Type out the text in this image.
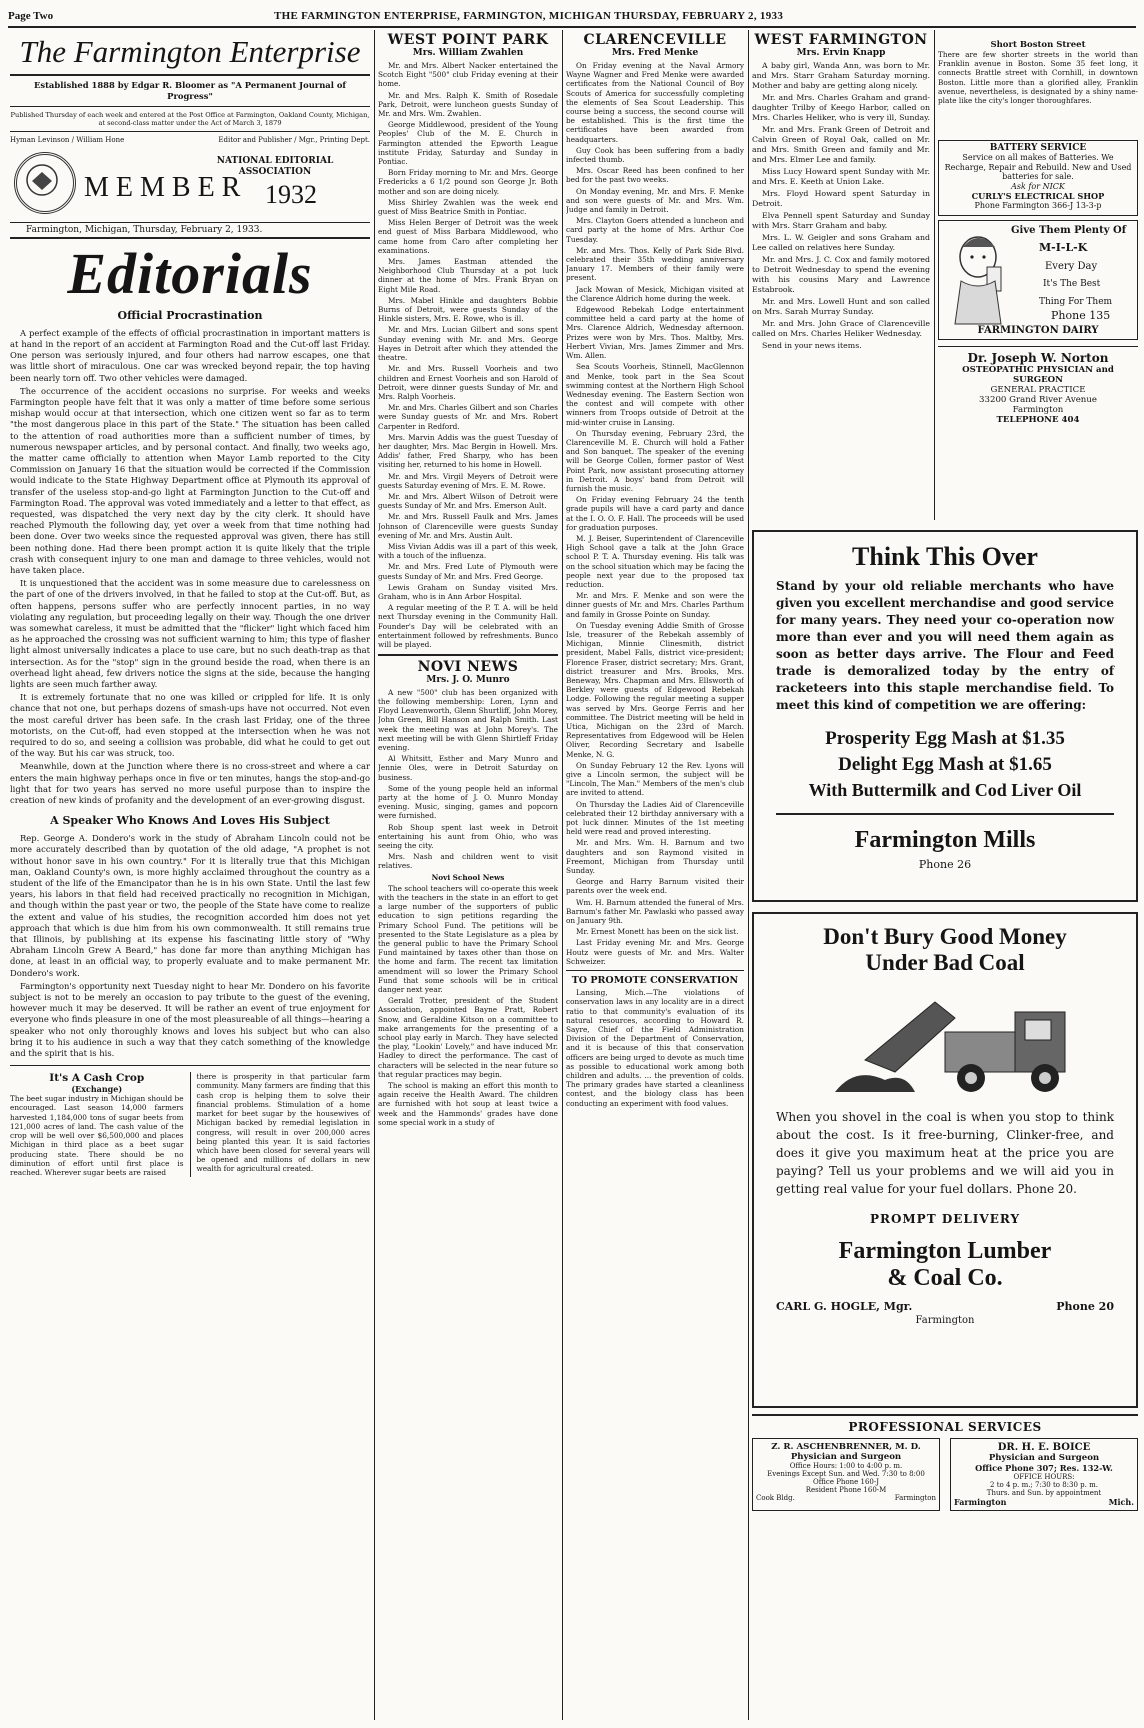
Page Two	THE FARMINGTON ENTERPRISE, FARMINGTON, MICHIGAN THURSDAY, FEBRUARY 2, 1933
The Farmington Enterprise
Established 1888 by Edgar R. Bloomer as "A Permanent Journal of Progress"
Published Thursday of each week and entered at the Post Office at Farmington, Oakland County, Michigan, at second-class matter under the Act of March 3, 1879
Hyman Levinson / William Hone	Editor and Publisher / Mgr., Printing Dept.
MEMBER
NATIONAL EDITORIAL ASSOCIATION
1932
Farmington, Michigan, Thursday, February 2, 1933.
Editorials
Official Procrastination

A perfect example of the effects of official procrastination in important matters is at hand in the report of an accident at Farmington Road and the Cut-off last Friday. One person was seriously injured, and four others had narrow escapes, one that was little short of miraculous. One car was wrecked beyond repair, the top having been nearly torn off. Two other vehicles were damaged.

The occurrence of the accident occasions no surprise. For weeks and weeks Farmington people have felt that it was only a matter of time before some serious mishap would occur at that intersection, which one citizen went so far as to term "the most dangerous place in this part of the State." The situation has been called to the attention of road authorities more than a sufficient number of times, by numerous newspaper articles, and by personal contact. And finally, two weeks ago, the matter came officially to attention when Mayor Lamb reported to the City Commission on January 16 that the situation would be corrected if the Commission would indicate to the State Highway Department office at Plymouth its approval of transfer of the useless stop-and-go light at Farmington Junction to the Cut-off and Farmington Road. The approval was voted immediately and a letter to that effect, as requested, was dispatched the very next day by the city clerk. It should have reached Plymouth the following day, yet over a week from that time nothing had been done. Over two weeks since the requested approval was given, there has still been nothing done. Had there been prompt action it is quite likely that the triple crash with consequent injury to one man and damage to three vehicles, would not have taken place.

It is unquestioned that the accident was in some measure due to carelessness on the part of one of the drivers involved, in that he failed to stop at the Cut-off. But, as often happens, persons suffer who are perfectly innocent parties, in no way violating any regulation, but proceeding legally on their way. Though the one driver was somewhat careless, it must be admitted that the "flicker" light which faced him as he approached the crossing was not sufficient warning to him; this type of flasher light almost universally indicates a place to use care, but no such death-trap as that intersection. As for the "stop" sign in the ground beside the road, when there is an overhead light ahead, few drivers notice the signs at the side, because the hanging lights are seen much farther away.

It is extremely fortunate that no one was killed or crippled for life. It is only chance that not one, but perhaps dozens of smash-ups have not occurred. Not even the most careful driver has been safe. In the crash last Friday, one of the three motorists, on the Cut-off, had even stopped at the intersection when he was not required to do so, and seeing a collision was probable, did what he could to get out of the way. But his car was struck, too.

Meanwhile, down at the Junction where there is no cross-street and where a car enters the main highway perhaps once in five or ten minutes, hangs the stop-and-go light that for two years has served no more useful purpose than to inspire the creation of new kinds of profanity and the development of an ever-growing disgust.

A Speaker Who Knows And Loves His Subject

Rep. George A. Dondero's work in the study of Abraham Lincoln could not be more accurately described than by quotation of the old adage, "A prophet is not without honor save in his own country." For it is literally true that this Michigan man, Oakland County's own, is more highly acclaimed throughout the country as a student of the life of the Emancipator than he is in his own State. Until the last few years, his labors in that field had received practically no recognition in Michigan, and though within the past year or two, the people of the State have come to realize the extent and value of his studies, the recognition accorded him does not yet approach that which is due him from his own commonwealth. It still remains true that Illinois, by publishing at its expense his fascinating little story of "Why Abraham Lincoln Grew A Beard," has done far more than anything Michigan has done, at least in an official way, to properly evaluate and to make permanent Mr. Dondero's work.

Farmington's opportunity next Tuesday night to hear Mr. Dondero on his favorite subject is not to be merely an occasion to pay tribute to the guest of the evening, however much it may be deserved. It will be rather an event of true enjoyment for everyone who finds pleasure in one of the most pleasureable of all things—hearing a speaker who not only thoroughly knows and loves his subject but who can also bring it to his audience in such a way that they catch something of the knowledge and the spirit that is his.

It's A Cash Crop
(Exchange)
The beet sugar industry in Michigan should be encouraged. Last season 14,000 farmers harvested 1,184,000 tons of sugar beets from 121,000 acres of land. The cash value of the crop will be well over $6,500,000 and places Michigan in third place as a beet sugar producing state. There should be no diminution of effort until first place is reached. Wherever sugar beets are raised
there is prosperity in that particular farm community. Many farmers are finding that this cash crop is helping them to solve their financial problems. Stimulation of a home market for beet sugar by the housewives of Michigan backed by remedial legislation in congress, will result in over 200,000 acres being planted this year. It is said factories which have been closed for several years will be opened and millions of dollars in new wealth for agricultural created.

WEST POINT PARK

Mrs. William Zwahlen

Mr. and Mrs. Albert Nacker entertained the Scotch Eight "500" club Friday evening at their home.

Mr. and Mrs. Ralph K. Smith of Rosedale Park, Detroit, were luncheon guests Sunday of Mr. and Mrs. Wm. Zwahlen.

George Middlewood, president of the Young Peoples' Club of the M. E. Church in Farmington attended the Epworth League institute Friday, Saturday and Sunday in Pontiac.

Born Friday morning to Mr. and Mrs. George Fredericks a 6 1/2 pound son George Jr. Both mother and son are doing nicely.

Miss Shirley Zwahlen was the week end guest of Miss Beatrice Smith in Pontiac.

Miss Helen Berger of Detroit was the week end guest of Miss Barbara Middlewood, who came home from Caro after completing her examinations.

Mrs. James Eastman attended the Neighborhood Club Thursday at a pot luck dinner at the home of Mrs. Frank Bryan on Eight Mile Road.

Mrs. Mabel Hinkle and daughters Bobbie Burns of Detroit, were guests Sunday of the Hinkle sisters, Mrs. E. Rowe, who is ill.

Mr. and Mrs. Lucian Gilbert and sons spent Sunday evening with Mr. and Mrs. George Hayes in Detroit after which they attended the theatre.

Mr. and Mrs. Russell Voorheis and two children and Ernest Voorheis and son Harold of Detroit, were dinner guests Sunday of Mr. and Mrs. Ralph Voorheis.

Mr. and Mrs. Charles Gilbert and son Charles were Sunday guests of Mr. and Mrs. Robert Carpenter in Redford.

Mrs. Marvin Addis was the guest Tuesday of her daughter, Mrs. Mac Bergin in Howell. Mrs. Addis' father, Fred Sharpy, who has been visiting her, returned to his home in Howell.

Mr. and Mrs. Virgil Meyers of Detroit were guests Saturday evening of Mrs. E. M. Rowe.

Mr. and Mrs. Albert Wilson of Detroit were guests Sunday of Mr. and Mrs. Emerson Ault.

Mr. and Mrs. Russell Faulk and Mrs. James Johnson of Clarenceville were guests Sunday evening of Mr. and Mrs. Austin Ault.

Miss Vivian Addis was ill a part of this week, with a touch of the influenza.

Mr. and Mrs. Fred Lute of Plymouth were guests Sunday of Mr. and Mrs. Fred George.

Lewis Graham on Sunday visited Mrs. Graham, who is in Ann Arbor Hospital.

A regular meeting of the P. T. A. will be held next Thursday evening in the Community Hall. Founder's Day will be celebrated with an entertainment followed by refreshments. Bunco will be played.

NOVI NEWS

Mrs. J. O. Munro

A new "500" club has been organized with the following membership: Loren, Lynn and Floyd Leavenworth, Glenn Shurtliff, John Morey, John Green, Bill Hanson and Ralph Smith. Last week the meeting was at John Morey's. The next meeting will be with Glenn Shirtleff Friday evening.

Al Whitsitt, Esther and Mary Munro and Jennie Oles, were in Detroit Saturday on business.

Some of the young people held an informal party at the home of J. O. Munro Monday evening. Music, singing, games and popcorn were furnished.

Rob Shoup spent last week in Detroit entertaining his aunt from Ohio, who was seeing the city.

Mrs. Nash and children went to visit relatives.

Novi School News

The school teachers will co-operate this week with the teachers in the state in an effort to get a large number of the supporters of public education to sign petitions regarding the Primary School Fund. The petitions will be presented to the State Legislature as a plea by the general public to have the Primary School Fund maintained by taxes other than those on the home and farm. The recent tax limitation amendment will so lower the Primary School Fund that some schools will be in critical danger next year.

Gerald Trotter, president of the Student Association, appointed Bayne Pratt, Robert Snow, and Geraldine Kitson on a committee to make arrangements for the presenting of a school play early in March. They have selected the play, "Lookin' Lovely," and have induced Mr. Hadley to direct the performance. The cast of characters will be selected in the near future so that regular practices may begin.

The school is making an effort this month to again receive the Health Award. The children are furnished with hot soup at least twice a week and the Hammonds' grades have done some special work in a study of

CLARENCEVILLE

Mrs. Fred Menke

On Friday evening at the Naval Armory Wayne Wagner and Fred Menke were awarded certificates from the National Council of Boy Scouts of America for successfully completing the elements of Sea Scout Leadership. This course being a success, the second course will be established. This is the first time the certificates have been awarded from headquarters.

Guy Cook has been suffering from a badly infected thumb.

Mrs. Oscar Reed has been confined to her bed for the past two weeks.

On Monday evening, Mr. and Mrs. F. Menke and son were guests of Mr. and Mrs. Wm. Judge and family in Detroit.

Mrs. Clayton Goers attended a luncheon and card party at the home of Mrs. Arthur Coe Tuesday.

Mr. and Mrs. Thos. Kelly of Park Side Blvd. celebrated their 35th wedding anniversary January 17. Members of their family were present.

Jack Mowan of Mesick, Michigan visited at the Clarence Aldrich home during the week.

Edgewood Rebekah Lodge entertainment committee held a card party at the home of Mrs. Clarence Aldrich, Wednesday afternoon. Prizes were won by Mrs. Thos. Maltby, Mrs. Herbert Vivian, Mrs. James Zimmer and Mrs. Wm. Allen.

Sea Scouts Voorheis, Stinnell, MacGlennon and Menke, took part in the Sea Scout swimming contest at the Northern High School Wednesday evening. The Eastern Section won the contest and will compete with other winners from Troops outside of Detroit at the mid-winter cruise in Lansing.

On Thursday evening, February 23rd, the Clarenceville M. E. Church will hold a Father and Son banquet. The speaker of the evening will be George Collen, former pastor of West Point Park, now assistant prosecuting attorney in Detroit. A boys' band from Detroit will furnish the music.

On Friday evening February 24 the tenth grade pupils will have a card party and dance at the I. O. O. F. Hall. The proceeds will be used for graduation purposes.

M. J. Beiser, Superintendent of Clarenceville High School gave a talk at the John Grace school P. T. A. Thursday evening. His talk was on the school situation which may be facing the people next year due to the proposed tax reduction.

Mr. and Mrs. F. Menke and son were the dinner guests of Mr. and Mrs. Charles Parthum and family in Grosse Pointe on Sunday.

On Tuesday evening Addie Smith of Grosse Isle, treasurer of the Rebekah assembly of Michigan, Minnie Clinesmith, district president, Mabel Falls, district vice-president; Florence Fraser, district secretary; Mrs. Grant, district treasurer and Mrs. Brooks, Mrs. Beneway, Mrs. Chapman and Mrs. Ellsworth of Berkley were guests of Edgewood Rebekah Lodge. Following the regular meeting a supper was served by Mrs. George Ferris and her committee. The District meeting will be held in Utica, Michigan on the 23rd of March. Representatives from Edgewood will be Helen Oliver, Recording Secretary and Isabelle Menke, N. G.

On Sunday February 12 the Rev. Lyons will give a Lincoln sermon, the subject will be "Lincoln, The Man." Members of the men's club are invited to attend.

On Thursday the Ladies Aid of Clarenceville celebrated their 12 birthday anniversary with a pot luck dinner. Minutes of the 1st meeting held were read and proved interesting.

Mr. and Mrs. Wm. H. Barnum and two daughters and son Raymond visited in Freemont, Michigan from Thursday until Sunday.

George and Harry Barnum visited their parents over the week end.

Wm. H. Barnum attended the funeral of Mrs. Barnum's father Mr. Pawlaski who passed away on January 9th.

Mr. Ernest Monett has been on the sick list.

Last Friday evening Mr. and Mrs. George Houtz were guests of Mr. and Mrs. Walter Schweizer.

TO PROMOTE CONSERVATION

Lansing, Mich.—The violations of conservation laws in any locality are in a direct ratio to that community's evaluation of its natural resources, according to Howard R. Sayre, Chief of the Field Administration Division of the Department of Conservation, and it is because of this that conservation officers are being urged to devote as much time as possible to educational work among both children and adults. ... the prevention of colds. The primary grades have started a cleanliness contest, and the biology class has been conducting an experiment with food values.

WEST FARMINGTON

Mrs. Ervin Knapp

A baby girl, Wanda Ann, was born to Mr. and Mrs. Starr Graham Saturday morning. Mother and baby are getting along nicely.

Mr. and Mrs. Charles Graham and grand-daughter Trilby of Keego Harbor, called on Mrs. Charles Heliker, who is very ill, Sunday.

Mr. and Mrs. Frank Green of Detroit and Calvin Green of Royal Oak, called on Mr. and Mrs. Smith Green and family and Mr. and Mrs. Elmer Lee and family.

Miss Lucy Howard spent Sunday with Mr. and Mrs. E. Keeth at Union Lake.

Mrs. Floyd Howard spent Saturday in Detroit.

Elva Pennell spent Saturday and Sunday with Mrs. Starr Graham and baby.

Mrs. L. W. Geigler and sons Graham and Lee called on relatives here Sunday.

Mr. and Mrs. J. C. Cox and family motored to Detroit Wednesday to spend the evening with his cousins Mary and Lawrence Estabrook.

Mr. and Mrs. Lowell Hunt and son called on Mrs. Sarah Murray Sunday.

Mr. and Mrs. John Grace of Clarenceville called on Mrs. Charles Heliker Wednesday.

Send in your news items.

Short Boston Street
There are few shorter streets in the world than Franklin avenue in Boston. Some 35 feet long, it connects Brattle street with Cornhill, in downtown Boston. Little more than a glorified alley, Franklin avenue, nevertheless, is designated by a shiny name-plate like the city's longer thoroughfares.
BATTERY SERVICE
Service on all makes of Batteries. We Recharge, Repair and Rebuild. New and Used batteries for sale.
Ask for NICK
CURLY'S ELECTRICAL SHOP
Phone Farmington 366-J 13-3-p
Give Them Plenty Of
M-I-L-K
Every Day
It's The Best
Thing For Them
Phone 135
FARMINGTON DAIRY
Dr. Joseph W. Norton
OSTEOPATHIC PHYSICIAN and SURGEON
GENERAL PRACTICE
33200 Grand River Avenue
Farmington
TELEPHONE 404
Think This Over
Stand by your old reliable merchants who have given you excellent merchandise and good service for many years. They need your co-operation now more than ever and you will need them again as soon as better days arrive. The Flour and Feed trade is demoralized today by the entry of racketeers into this staple merchandise field. To meet this kind of competition we are offering:
Prosperity Egg Mash at $1.35
Delight Egg Mash at $1.65
With Buttermilk and Cod Liver Oil
Farmington Mills
Phone 26
Don't Bury Good Money
Under Bad Coal
When you shovel in the coal is when you stop to think about the cost. Is it free-burning, Clinker-free, and does it give you maximum heat at the price you are paying? Tell us your problems and we will aid you in getting real value for your fuel dollars. Phone 20.
PROMPT DELIVERY
Farmington Lumber
& Coal Co.
CARL G. HOGLE, Mgr.	Phone 20
Farmington
PROFESSIONAL SERVICES
Z. R. ASCHENBRENNER, M. D.
Physician and Surgeon
Office Hours: 1:00 to 4:00 p. m.
Evenings Except Sun. and Wed. 7:30 to 8:00
Office Phone 160-J
Resident Phone 160-M
Cook Bldg.	Farmington
DR. H. E. BOICE
Physician and Surgeon
Office Phone 307; Res. 132-W.
OFFICE HOURS:
2 to 4 p. m.; 7:30 to 8:30 p. m.
Thurs. and Sun. by appointment
Farmington	Mich.
